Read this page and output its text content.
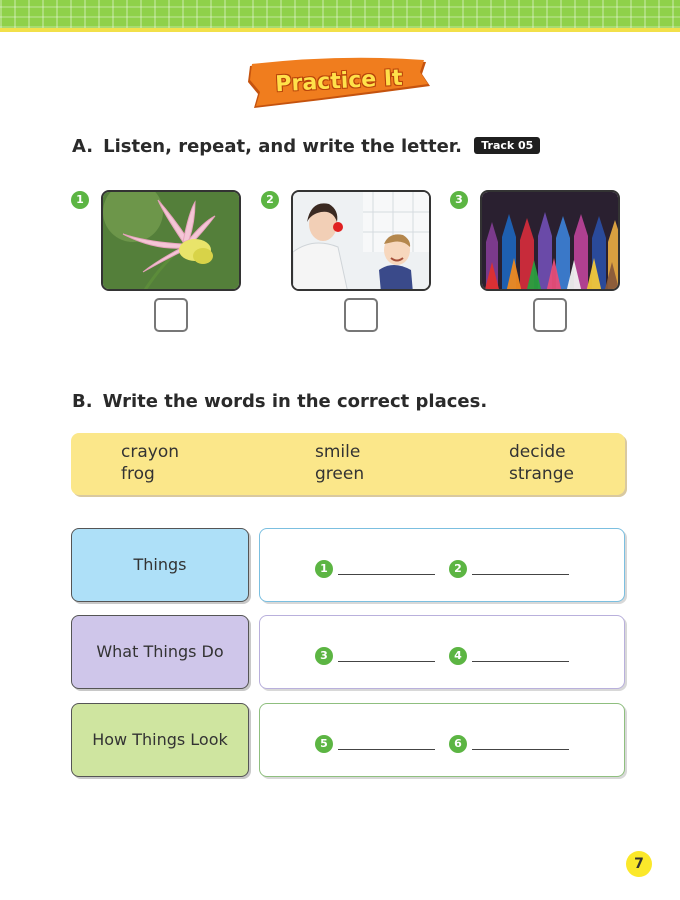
Practice It
A. Listen, repeat, and write the letter. Track 05
1	2	3
B. Write the words in the correct places.
crayon	smile	decide
frog	green	strange
Things	1	2
What Things Do	3	4
How Things Look	5	6
7
